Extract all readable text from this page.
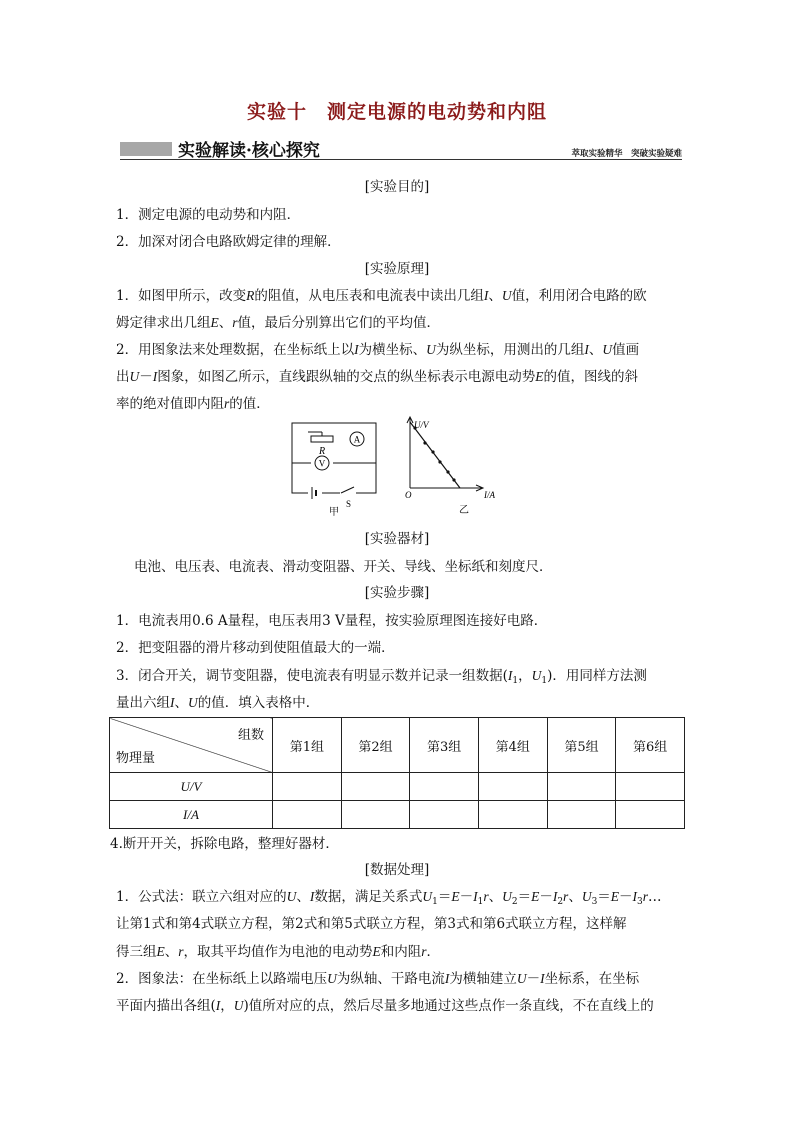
实验十　测定电源的电动势和内阻
实验解读·核心探究	萃取实验精华　突破实验疑难
[实验目的]
1．测定电源的电动势和内阻．
2．加深对闭合电路欧姆定律的理解．
[实验原理]
1．如图甲所示，改变R的阻值，从电压表和电流表中读出几组I、U值，利用闭合电路的欧
姆定律求出几组E、r值，最后分别算出它们的平均值．
2．用图象法来处理数据，在坐标纸上以I为横坐标、U为纵坐标，用测出的几组I、U值画
出U－I图象，如图乙所示，直线跟纵轴的交点的纵坐标表示电源电动势E的值，图线的斜
率的绝对值即内阻r的值．
R
A
V
S
甲
U/V
I/A
O
乙
[实验器材]
电池、电压表、电流表、滑动变阻器、开关、导线、坐标纸和刻度尺．
[实验步骤]
1．电流表用0.6 A量程，电压表用3 V量程，按实验原理图连接好电路．
2．把变阻器的滑片移动到使阻值最大的一端．
3．闭合开关，调节变阻器，使电流表有明显示数并记录一组数据($I_1$，$U_1$)．用同样方法测
量出六组I、U的值．填入表格中．
组数
物理量	第1组	第2组	第3组	第4组	第5组	第6组
U/V						
I/A						
4.断开开关，拆除电路，整理好器材．
[数据处理]
1．公式法：联立六组对应的U、I数据，满足关系式$U_1=E-I_1r$、$U_2=E-I_2r$、$U_3=E-I_3r\dots$
让第1式和第4式联立方程，第2式和第5式联立方程，第3式和第6式联立方程，这样解
得三组E、r，取其平均值作为电池的电动势E和内阻r．
2．图象法：在坐标纸上以路端电压U为纵轴、干路电流I为横轴建立U－I坐标系，在坐标
平面内描出各组(I，U)值所对应的点，然后尽量多地通过这些点作一条直线，不在直线上的
